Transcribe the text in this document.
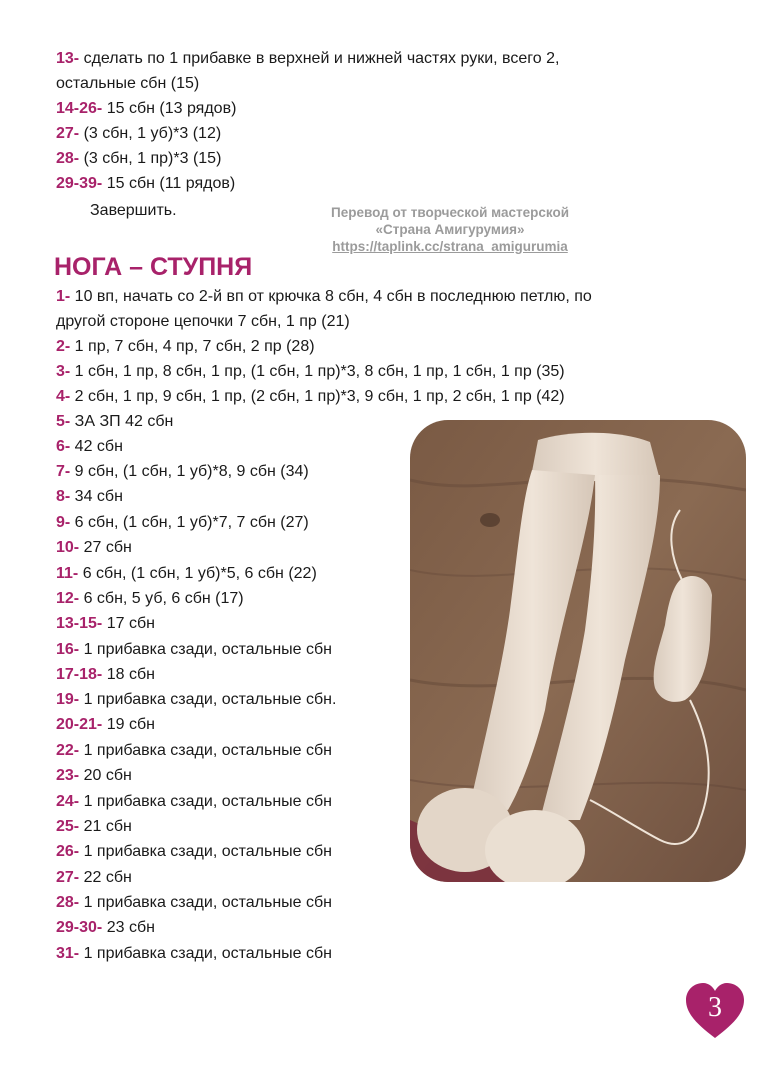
13- сделать по 1 прибавке в верхней и нижней частях руки, всего 2,
остальные сбн (15)
14-26- 15 сбн (13 рядов)
27- (3 сбн, 1 уб)*3 (12)
28- (3 сбн, 1 пр)*3 (15)
29-39- 15 сбн (11 рядов)
Завершить.	Перевод от творческой мастерской
«Страна Амигурумия»
https://taplink.cc/strana_amigurumia
НОГА – СТУПНЯ
1- 10 вп, начать со 2-й вп от крючка 8 сбн, 4 сбн в последнюю петлю, по
другой стороне цепочки 7 сбн, 1 пр (21)
2- 1 пр, 7 сбн, 4 пр, 7 сбн, 2 пр (28)
3- 1 сбн, 1 пр, 8 сбн, 1 пр, (1 сбн, 1 пр)*3, 8 сбн, 1 пр, 1 сбн, 1 пр (35)
4- 2 сбн, 1 пр, 9 сбн, 1 пр, (2 сбн, 1 пр)*3, 9 сбн, 1 пр, 2 сбн, 1 пр (42)
5- ЗА ЗП 42 сбн
6- 42 сбн
7- 9 сбн, (1 сбн, 1 уб)*8, 9 сбн (34)
8- 34 сбн
9- 6 сбн, (1 сбн, 1 уб)*7, 7 сбн (27)
10- 27 сбн
11- 6 сбн, (1 сбн, 1 уб)*5, 6 сбн (22)
12- 6 сбн, 5 уб, 6 сбн (17)
13-15- 17 сбн
16- 1 прибавка сзади, остальные сбн
17-18- 18 сбн
19- 1 прибавка сзади, остальные сбн.
20-21- 19 сбн
22- 1 прибавка сзади, остальные сбн
23- 20 сбн
24- 1 прибавка сзади, остальные сбн
25- 21 сбн
26- 1 прибавка сзади, остальные сбн
27- 22 сбн
28- 1 прибавка сзади, остальные сбн
29-30- 23 сбн
31- 1 прибавка сзади, остальные сбн
3
